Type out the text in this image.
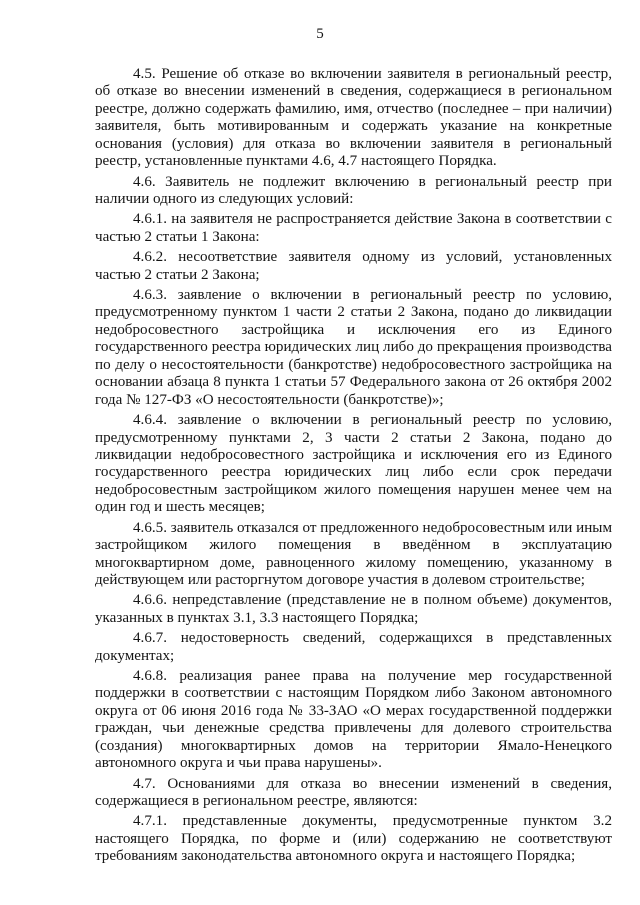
5

4.5. Решение об отказе во включении заявителя в региональный реестр, об отказе во внесении изменений в сведения, содержащиеся в региональном реестре, должно содержать фамилию, имя, отчество (последнее – при наличии) заявителя, быть мотивированным и содержать указание на конкретные основания (условия) для отказа во включении заявителя в региональный реестр, установленные пунктами 4.6, 4.7 настоящего Порядка.

4.6. Заявитель не подлежит включению в региональный реестр при наличии одного из следующих условий:

4.6.1. на заявителя не распространяется действие Закона в соответствии с частью 2 статьи 1 Закона:

4.6.2. несоответствие заявителя одному из условий, установленных частью 2 статьи 2 Закона;

4.6.3. заявление о включении в региональный реестр по условию, предусмотренному пунктом 1 части 2 статьи 2 Закона, подано до ликвидации недобросовестного застройщика и исключения его из Единого государственного реестра юридических лиц либо до прекращения производства по делу о несостоятельности (банкротстве) недобросовестного застройщика на основании абзаца 8 пункта 1 статьи 57 Федерального закона от 26 октября 2002 года № 127-ФЗ «О несостоятельности (банкротстве)»;

4.6.4. заявление о включении в региональный реестр по условию, предусмотренному пунктами 2, 3 части 2 статьи 2 Закона, подано до ликвидации недобросовестного застройщика и исключения его из Единого государственного реестра юридических лиц либо если срок передачи недобросовестным застройщиком жилого помещения нарушен менее чем на один год и шесть месяцев;

4.6.5. заявитель отказался от предложенного недобросовестным или иным застройщиком жилого помещения в введённом в эксплуатацию многоквартирном доме, равноценного жилому помещению, указанному в действующем или расторгнутом договоре участия в долевом строительстве;

4.6.6. непредставление (представление не в полном объеме) документов, указанных в пунктах 3.1, 3.3 настоящего Порядка;

4.6.7. недостоверность сведений, содержащихся в представленных документах;

4.6.8. реализация ранее права на получение мер государственной поддержки в соответствии с настоящим Порядком либо Законом автономного округа от 06 июня 2016 года № 33-ЗАО «О мерах государственной поддержки граждан, чьи денежные средства привлечены для долевого строительства (создания) многоквартирных домов на территории Ямало-Ненецкого автономного округа и чьи права нарушены».

4.7. Основаниями для отказа во внесении изменений в сведения, содержащиеся в региональном реестре, являются:

4.7.1. представленные документы, предусмотренные пунктом 3.2 настоящего Порядка, по форме и (или) содержанию не соответствуют требованиям законодательства автономного округа и настоящего Порядка;
